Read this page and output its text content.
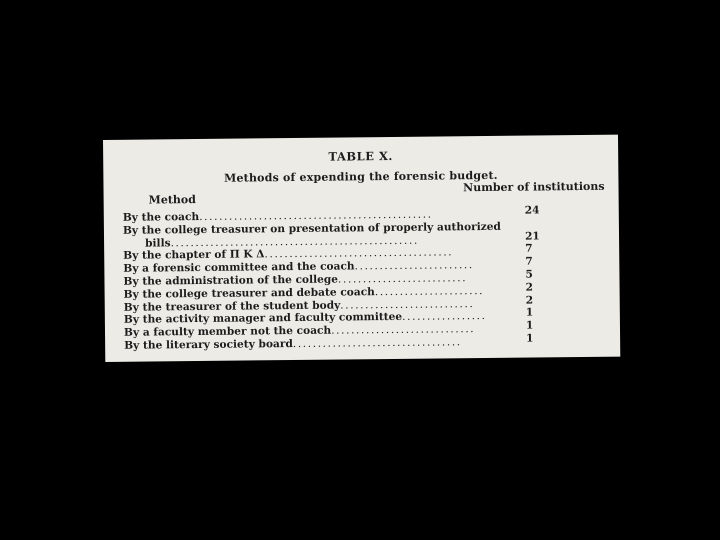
TABLE X.
Methods of expending the forensic budget.
Method
Number of institutions
By the coach...............................................	24
By the college treasurer on presentation of properly authorized
bills..................................................	21
By the chapter of Π K Δ......................................	7
By a forensic committee and the coach........................	7
By the administration of the college..........................	5
By the college treasurer and debate coach......................	2
By the treasurer of the student body...........................	2
By the activity manager and faculty committee.................	1
By a faculty member not the coach.............................	1
By the literary society board..................................	1
